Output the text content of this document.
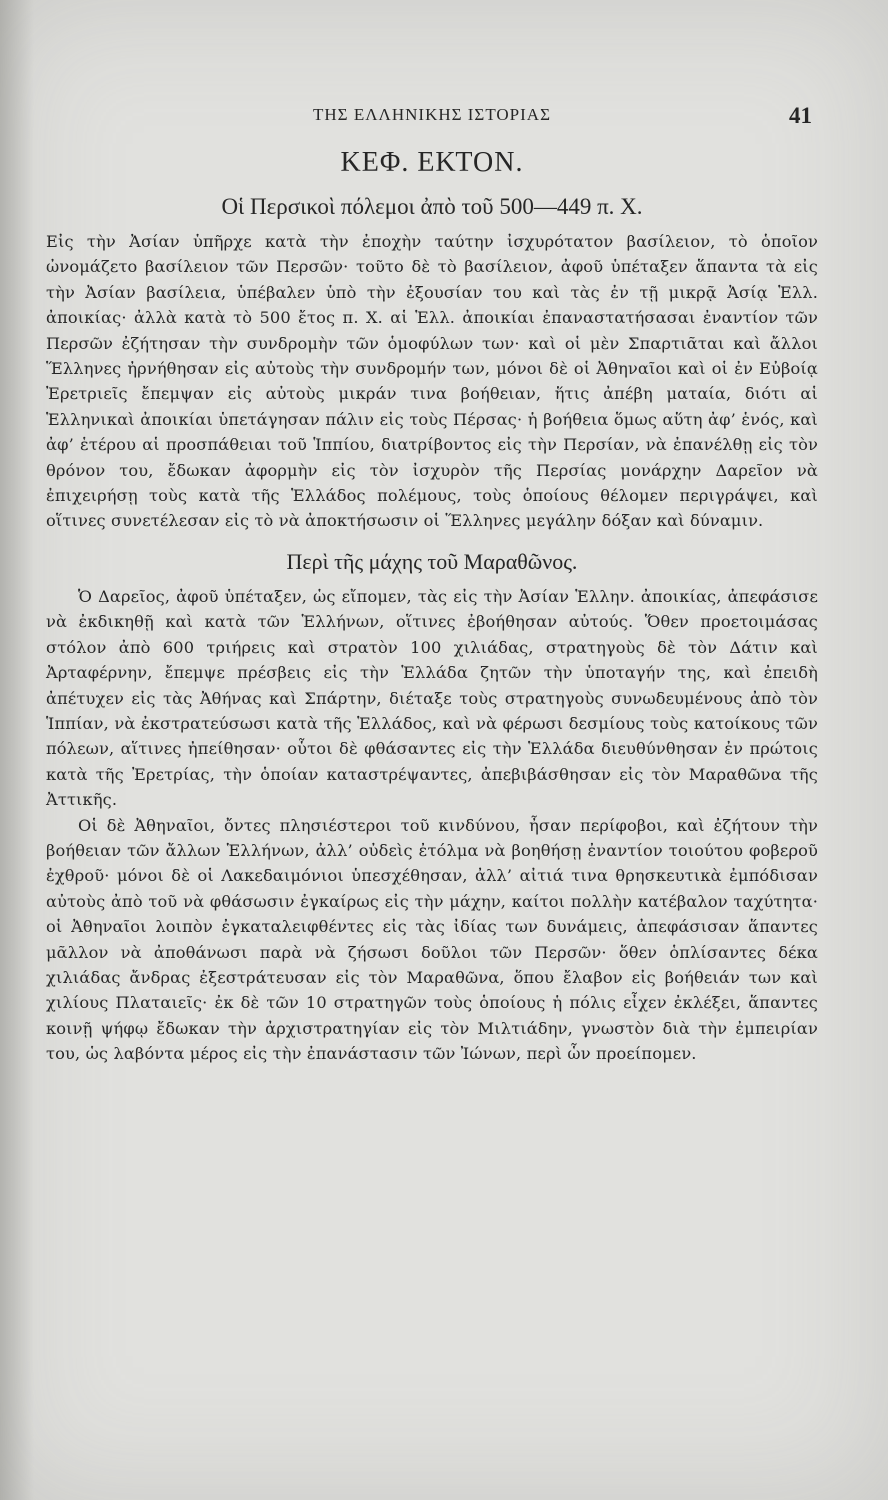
ΤΗΣ ΕΛΛΗΝΙΚΗΣ ΙΣΤΟΡΙΑΣ	41
ΚΕΦ. ΕΚΤΟΝ.
Οἱ Περσικοὶ πόλεμοι ἀπὸ τοῦ 500—449 π. Χ.

Εἰς τὴν Ἀσίαν ὑπῆρχε κατὰ τὴν ἐποχὴν ταύτην ἰσχυρότατον βασίλειον, τὸ ὁποῖον ὠνομάζετο βασίλειον τῶν Περσῶν· τοῦτο δὲ τὸ βασίλειον, ἀφοῦ ὑπέταξεν ἅπαντα τὰ εἰς τὴν Ἀσίαν βασίλεια, ὑπέβαλεν ὑπὸ τὴν ἐξουσίαν του καὶ τὰς ἐν τῇ μικρᾷ Ἀσίᾳ Ἑλλ. ἀποικίας· ἀλλὰ κατὰ τὸ 500 ἔτος π. Χ. αἱ Ἑλλ. ἀποικίαι ἐπαναστατήσασαι ἐναντίον τῶν Περσῶν ἐζήτησαν τὴν συνδρομὴν τῶν ὁμοφύλων των· καὶ οἱ μὲν Σπαρτιᾶται καὶ ἄλλοι Ἕλληνες ἠρνήθησαν εἰς αὐτοὺς τὴν συνδρομήν των, μόνοι δὲ οἱ Ἀθηναῖοι καὶ οἱ ἐν Εὐβοίᾳ Ἐρετριεῖς ἔπεμψαν εἰς αὐτοὺς μικράν τινα βοήθειαν, ἥτις ἀπέβη ματαία, διότι αἱ Ἑλληνικαὶ ἀποικίαι ὑπετάγησαν πάλιν εἰς τοὺς Πέρσας· ἡ βοήθεια ὅμως αὕτη ἀφ’ ἑνός, καὶ ἀφ’ ἑτέρου αἱ προσπάθειαι τοῦ Ἱππίου, διατρίβοντος εἰς τὴν Περσίαν, νὰ ἐπανέλθῃ εἰς τὸν θρόνον του, ἔδωκαν ἀφορμὴν εἰς τὸν ἰσχυρὸν τῆς Περσίας μονάρχην Δαρεῖον νὰ ἐπιχειρήσῃ τοὺς κατὰ τῆς Ἑλλάδος πολέμους, τοὺς ὁποίους θέλομεν περιγράψει, καὶ οἵτινες συνετέλεσαν εἰς τὸ νὰ ἀποκτήσωσιν οἱ Ἕλληνες μεγάλην δόξαν καὶ δύναμιν.

Περὶ τῆς μάχης τοῦ Μαραθῶνος.

Ὁ Δαρεῖος, ἀφοῦ ὑπέταξεν, ὡς εἴπομεν, τὰς εἰς τὴν Ἀσίαν Ἑλλην. ἀποικίας, ἀπεφάσισε νὰ ἐκδικηθῇ καὶ κατὰ τῶν Ἑλλήνων, οἵτινες ἐβοήθησαν αὐτούς. Ὅθεν προετοιμάσας στόλον ἀπὸ 600 τριήρεις καὶ στρατὸν 100 χιλιάδας, στρατηγοὺς δὲ τὸν Δάτιν καὶ Ἀρταφέρνην, ἔπεμψε πρέσβεις εἰς τὴν Ἑλλάδα ζητῶν τὴν ὑποταγήν της, καὶ ἐπειδὴ ἀπέτυχεν εἰς τὰς Ἀθήνας καὶ Σπάρτην, διέταξε τοὺς στρατηγοὺς συνωδευμένους ἀπὸ τὸν Ἱππίαν, νὰ ἐκστρατεύσωσι κατὰ τῆς Ἑλλάδος, καὶ νὰ φέρωσι δεσμίους τοὺς κατοίκους τῶν πόλεων, αἵτινες ἠπείθησαν· οὗτοι δὲ φθάσαντες εἰς τὴν Ἑλλάδα διευθύνθησαν ἐν πρώτοις κατὰ τῆς Ἐρετρίας, τὴν ὁποίαν καταστρέψαντες, ἀπεβιβάσθησαν εἰς τὸν Μαραθῶνα τῆς Ἀττικῆς.

Οἱ δὲ Ἀθηναῖοι, ὄντες πλησιέστεροι τοῦ κινδύνου, ἦσαν περίφοβοι, καὶ ἐζήτουν τὴν βοήθειαν τῶν ἄλλων Ἑλλήνων, ἀλλ’ οὐδεὶς ἐτόλμα νὰ βοηθήσῃ ἐναντίον τοιούτου φοβεροῦ ἐχθροῦ· μόνοι δὲ οἱ Λακεδαιμόνιοι ὑπεσχέθησαν, ἀλλ’ αἰτιά τινα θρησκευτικὰ ἐμπόδισαν αὐτοὺς ἀπὸ τοῦ νὰ φθάσωσιν ἐγκαίρως εἰς τὴν μάχην, καίτοι πολλὴν κατέβαλον ταχύτητα· οἱ Ἀθηναῖοι λοιπὸν ἐγκαταλειφθέντες εἰς τὰς ἰδίας των δυνάμεις, ἀπεφάσισαν ἅπαντες μᾶλλον νὰ ἀποθάνωσι παρὰ νὰ ζήσωσι δοῦλοι τῶν Περσῶν· ὅθεν ὁπλίσαντες δέκα χιλιάδας ἄνδρας ἐξεστράτευσαν εἰς τὸν Μαραθῶνα, ὅπου ἔλαβον εἰς βοήθειάν των καὶ χιλίους Πλαταιεῖς· ἐκ δὲ τῶν 10 στρατηγῶν τοὺς ὁποίους ἡ πόλις εἶχεν ἐκλέξει, ἅπαντες κοινῇ ψήφῳ ἔδωκαν τὴν ἀρχιστρατηγίαν εἰς τὸν Μιλτιάδην, γνωστὸν διὰ τὴν ἐμπειρίαν του, ὡς λαβόντα μέρος εἰς τὴν ἐπανάστασιν τῶν Ἰώνων, περὶ ὧν προείπομεν.
